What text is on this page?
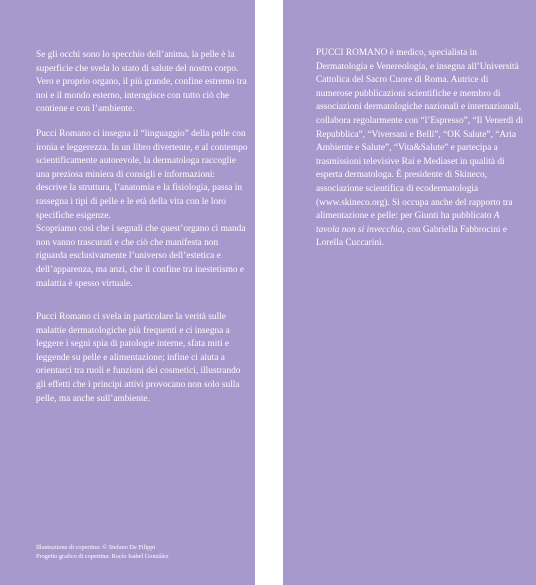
Se gli occhi sono lo specchio dell’anima, la pelle è la superficie che svela lo stato di salute del nostro corpo. Vero e proprio organo, il più grande, confine estremo tra noi e il mondo esterno, interagisce con tutto ciò che contiene e con l’ambiente.

Pucci Romano ci insegna il “linguaggio” della pelle con ironia e leggerezza. In un libro divertente, e al contempo scientificamente autorevole, la dermatologa raccoglie una preziosa miniera di consigli e informazioni: descrive la struttura, l’anatomia e la fisiologia, passa in rassegna i tipi di pelle e le età della vita con le loro specifiche esigenze.

Scopriamo così che i segnali che quest’organo ci manda non vanno trascurati e che ciò che manifesta non riguarda esclusivamente l’universo dell’estetica e dell’apparenza, ma anzi, che il confine tra inestetismo e malattia è spesso virtuale.

Pucci Romano ci svela in particolare la verità sulle malattie dermatologiche più frequenti e ci insegna a leggere i segni spia di patologie interne, sfata miti e leggende su pelle e alimentazione; infine ci aiuta a orientarci tra ruoli e funzioni dei cosmetici, illustrando gli effetti che i principi attivi provocano non solo sulla pelle, ma anche sull’ambiente.

Illustrazione di copertina: © Stefano De Filippi
Progetto grafico di copertina: Rocío Isabel González

PUCCI ROMANO è medico, specialista in Dermatologia e Venereologia, e insegna all’Università Cattolica del Sacro Cuore di Roma. Autrice di numerose pubblicazioni scientifiche e membro di associazioni dermatologiche nazionali e internazionali, collabora regolarmente con “l’Espresso”, “Il Venerdì di Repubblica”, “Viversani e Belli”, “OK Salute”, “Aria Ambiente e Salute”, “Vita&Salute” e partecipa a trasmissioni televisive Rai e Mediaset in qualità di esperta dermatologa. È presidente di Skineco, associazione scientifica di ecodermatologia (www.skineco.org). Si occupa anche del rapporto tra alimentazione e pelle: per Giunti ha pubblicato A tavola non si invecchia, con Gabriella Fabbrocini e Lorella Cuccarini.
